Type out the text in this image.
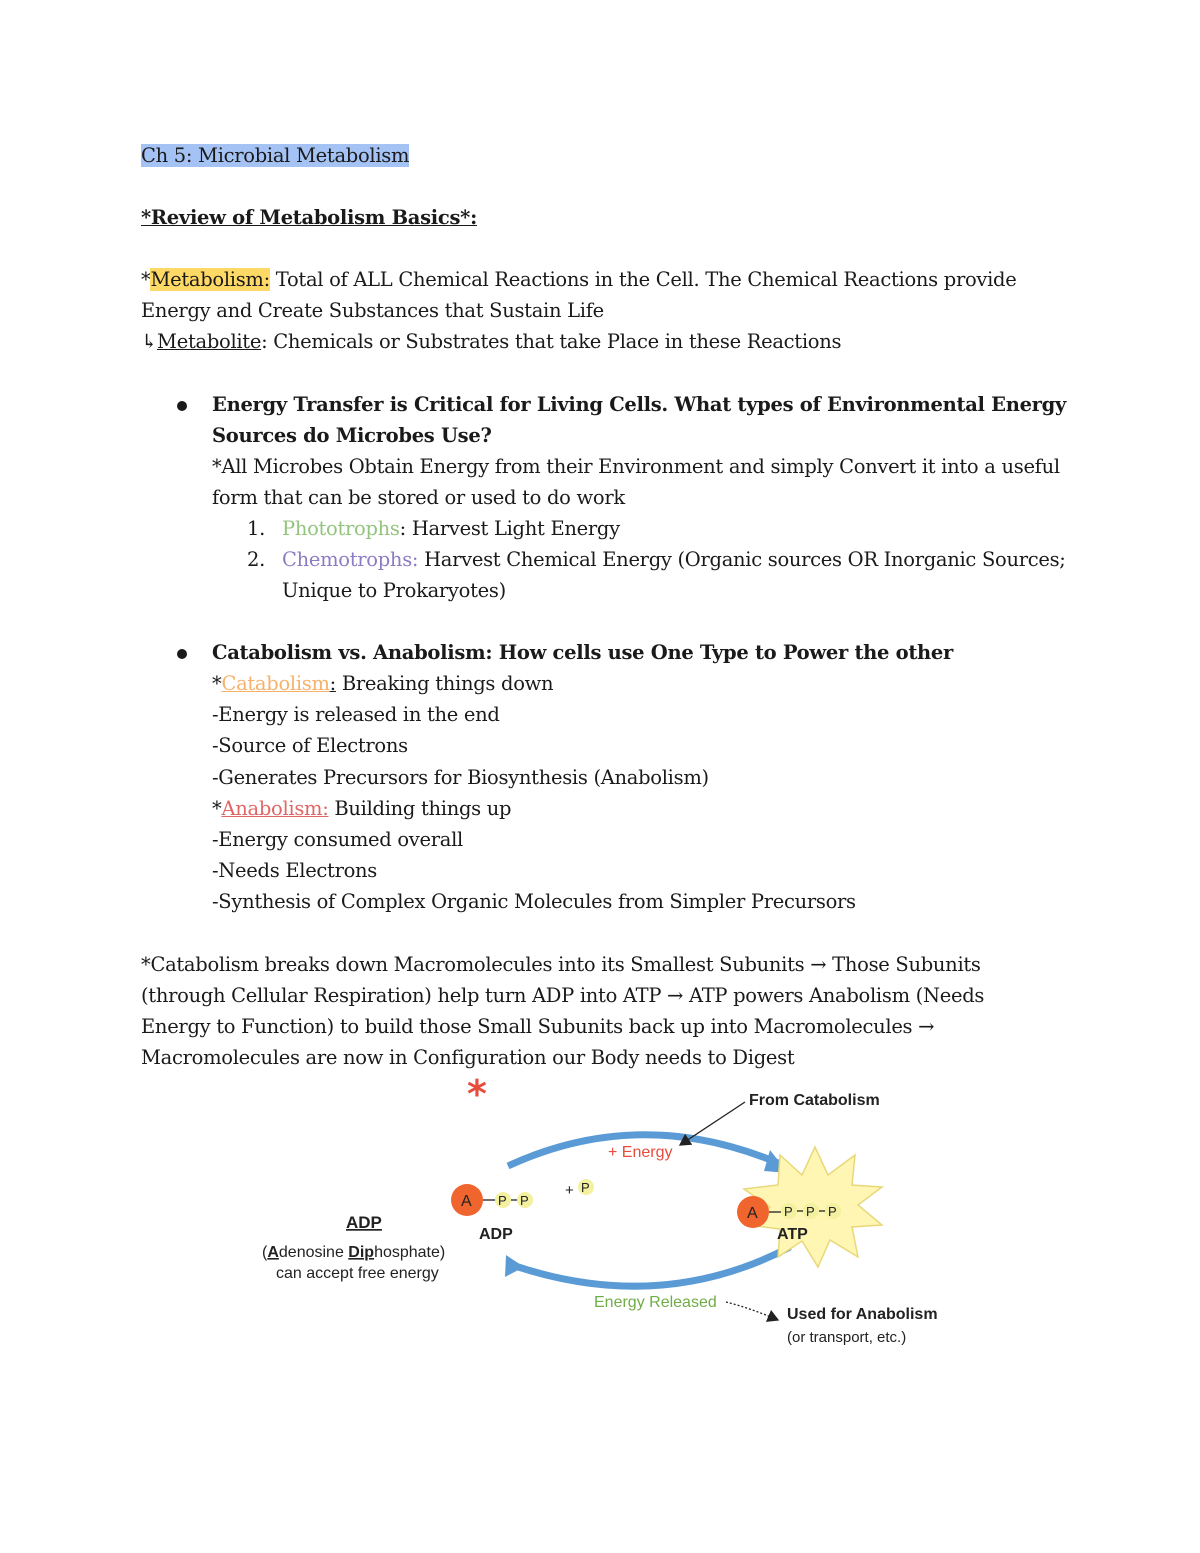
Ch 5: Microbial Metabolism
*Review of Metabolism Basics*:
*Metabolism: Total of ALL Chemical Reactions in the Cell. The Chemical Reactions provide
Energy and Create Substances that Sustain Life
↳Metabolite: Chemicals or Substrates that take Place in these Reactions
Energy Transfer is Critical for Living Cells. What types of Environmental Energy
Sources do Microbes Use?
*All Microbes Obtain Energy from their Environment and simply Convert it into a useful
form that can be stored or used to do work
1. Phototrophs: Harvest Light Energy
2. Chemotrophs: Harvest Chemical Energy (Organic sources OR Inorganic Sources;
Unique to Prokaryotes)
Catabolism vs. Anabolism: How cells use One Type to Power the other
*Catabolism: Breaking things down
-Energy is released in the end
-Source of Electrons
-Generates Precursors for Biosynthesis (Anabolism)
*Anabolism: Building things up
-Energy consumed overall
-Needs Electrons
-Synthesis of Complex Organic Molecules from Simpler Precursors
*Catabolism breaks down Macromolecules into its Smallest Subunits → Those Subunits
(through Cellular Respiration) help turn ADP into ATP → ATP powers Anabolism (Needs
Energy to Function) to build those Small Subunits back up into Macromolecules →
Macromolecules are now in Configuration our Body needs to Digest
*	From Catabolism
+ Energy
A P P
ADP
+ P
A P P P
ATP
ADP
(Adenosine Diphosphate)
can accept free energy
Energy Released
Used for Anabolism
(or transport, etc.)
